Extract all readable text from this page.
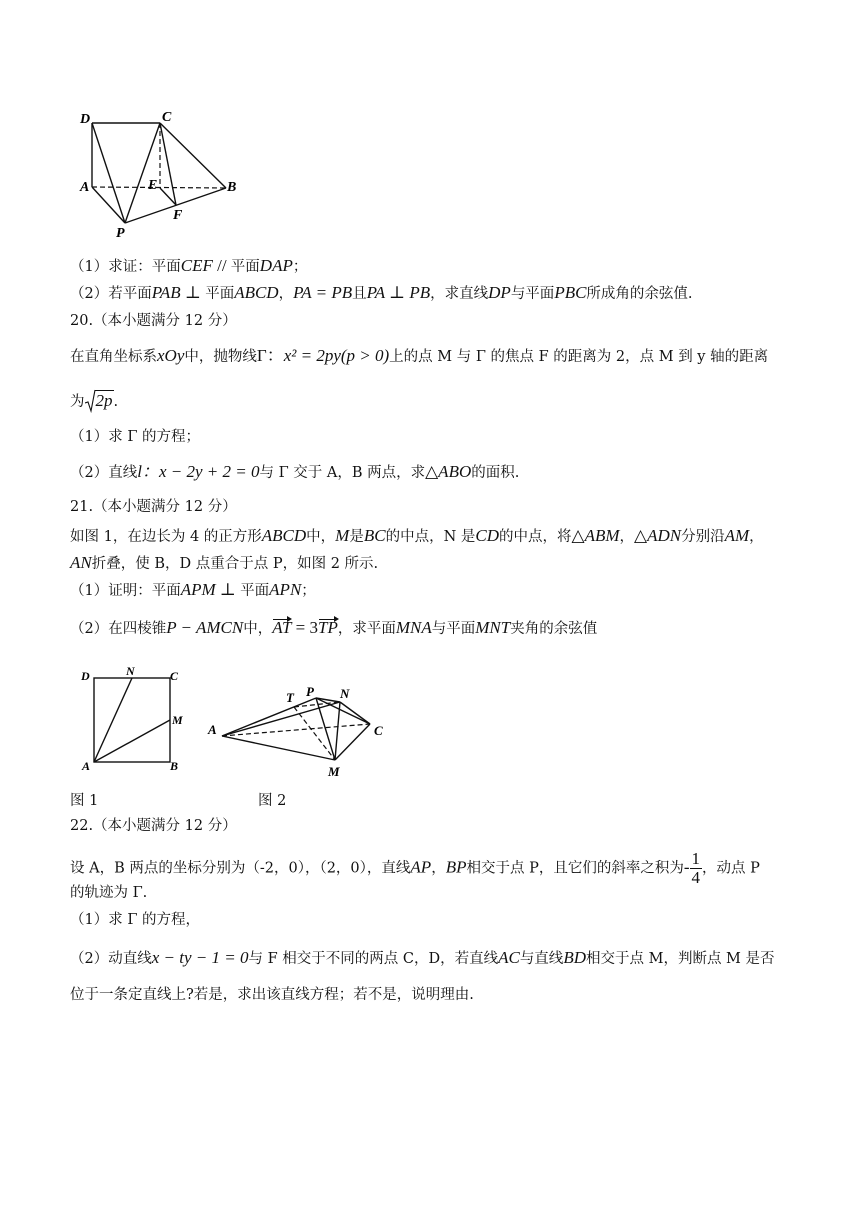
D	C
A	E	B
F
P
（1）求证：平面CEF // 平面DAP；
（2）若平面PAB ⊥ 平面ABCD，PA = PB且PA ⊥ PB，求直线DP与平面PBC所成角的余弦值.
20.（本小题满分 12 分）
在直角坐标系xOy中，抛物线Γ：x² = 2py(p > 0)上的点 M 与 Γ 的焦点 F 的距离为 2，点 M 到 y 轴的距离
为 2p.
（1）求 Γ 的方程；
（2）直线l：x − 2y + 2 = 0与 Γ 交于 A，B 两点，求△ABO的面积.
21.（本小题满分 12 分）
如图 1，在边长为 4 的正方形ABCD中，M是BC的中点，N 是CD的中点，将△ABM，△ADN分别沿AM，
AN折叠，使 B，D 点重合于点 P，如图 2 所示.
（1）证明：平面APM ⊥ 平面APN；
（2）在四棱锥P − AMCN中，AT = 3TP，求平面MNA与平面MNT夹角的余弦值
D	N	C
M
A	B
T P N
A	C
M
图 1	图 2
22.（本小题满分 12 分）
设 A，B 两点的坐标分别为（-2，0），（2，0），直线AP，BP相交于点 P，且它们的斜率之积为- $\frac{1}{4}$ ，动点 P
的轨迹为 Γ.
（1）求 Γ 的方程，
（2）动直线x − ty − 1 = 0与 F 相交于不同的两点 C，D，若直线AC与直线BD相交于点 M，判断点 M 是否
位于一条定直线上?若是，求出该直线方程；若不是，说明理由.
